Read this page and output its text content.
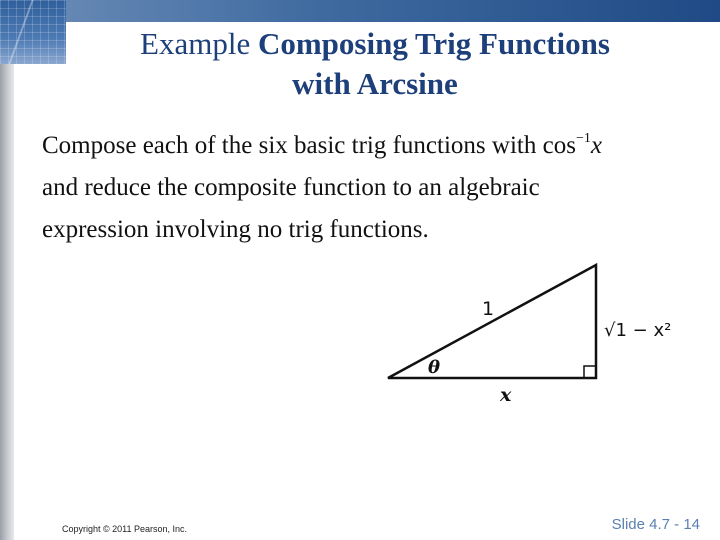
Example Composing Trig Functions
with Arcsine
Compose each of the six basic trig functions with $\cos^{-1}x$
and reduce the composite function to an algebraic
expression involving no trig functions.
1
√1 − x²
x
θ
Copyright © 2011 Pearson, Inc.	Slide 4.7 - 14
